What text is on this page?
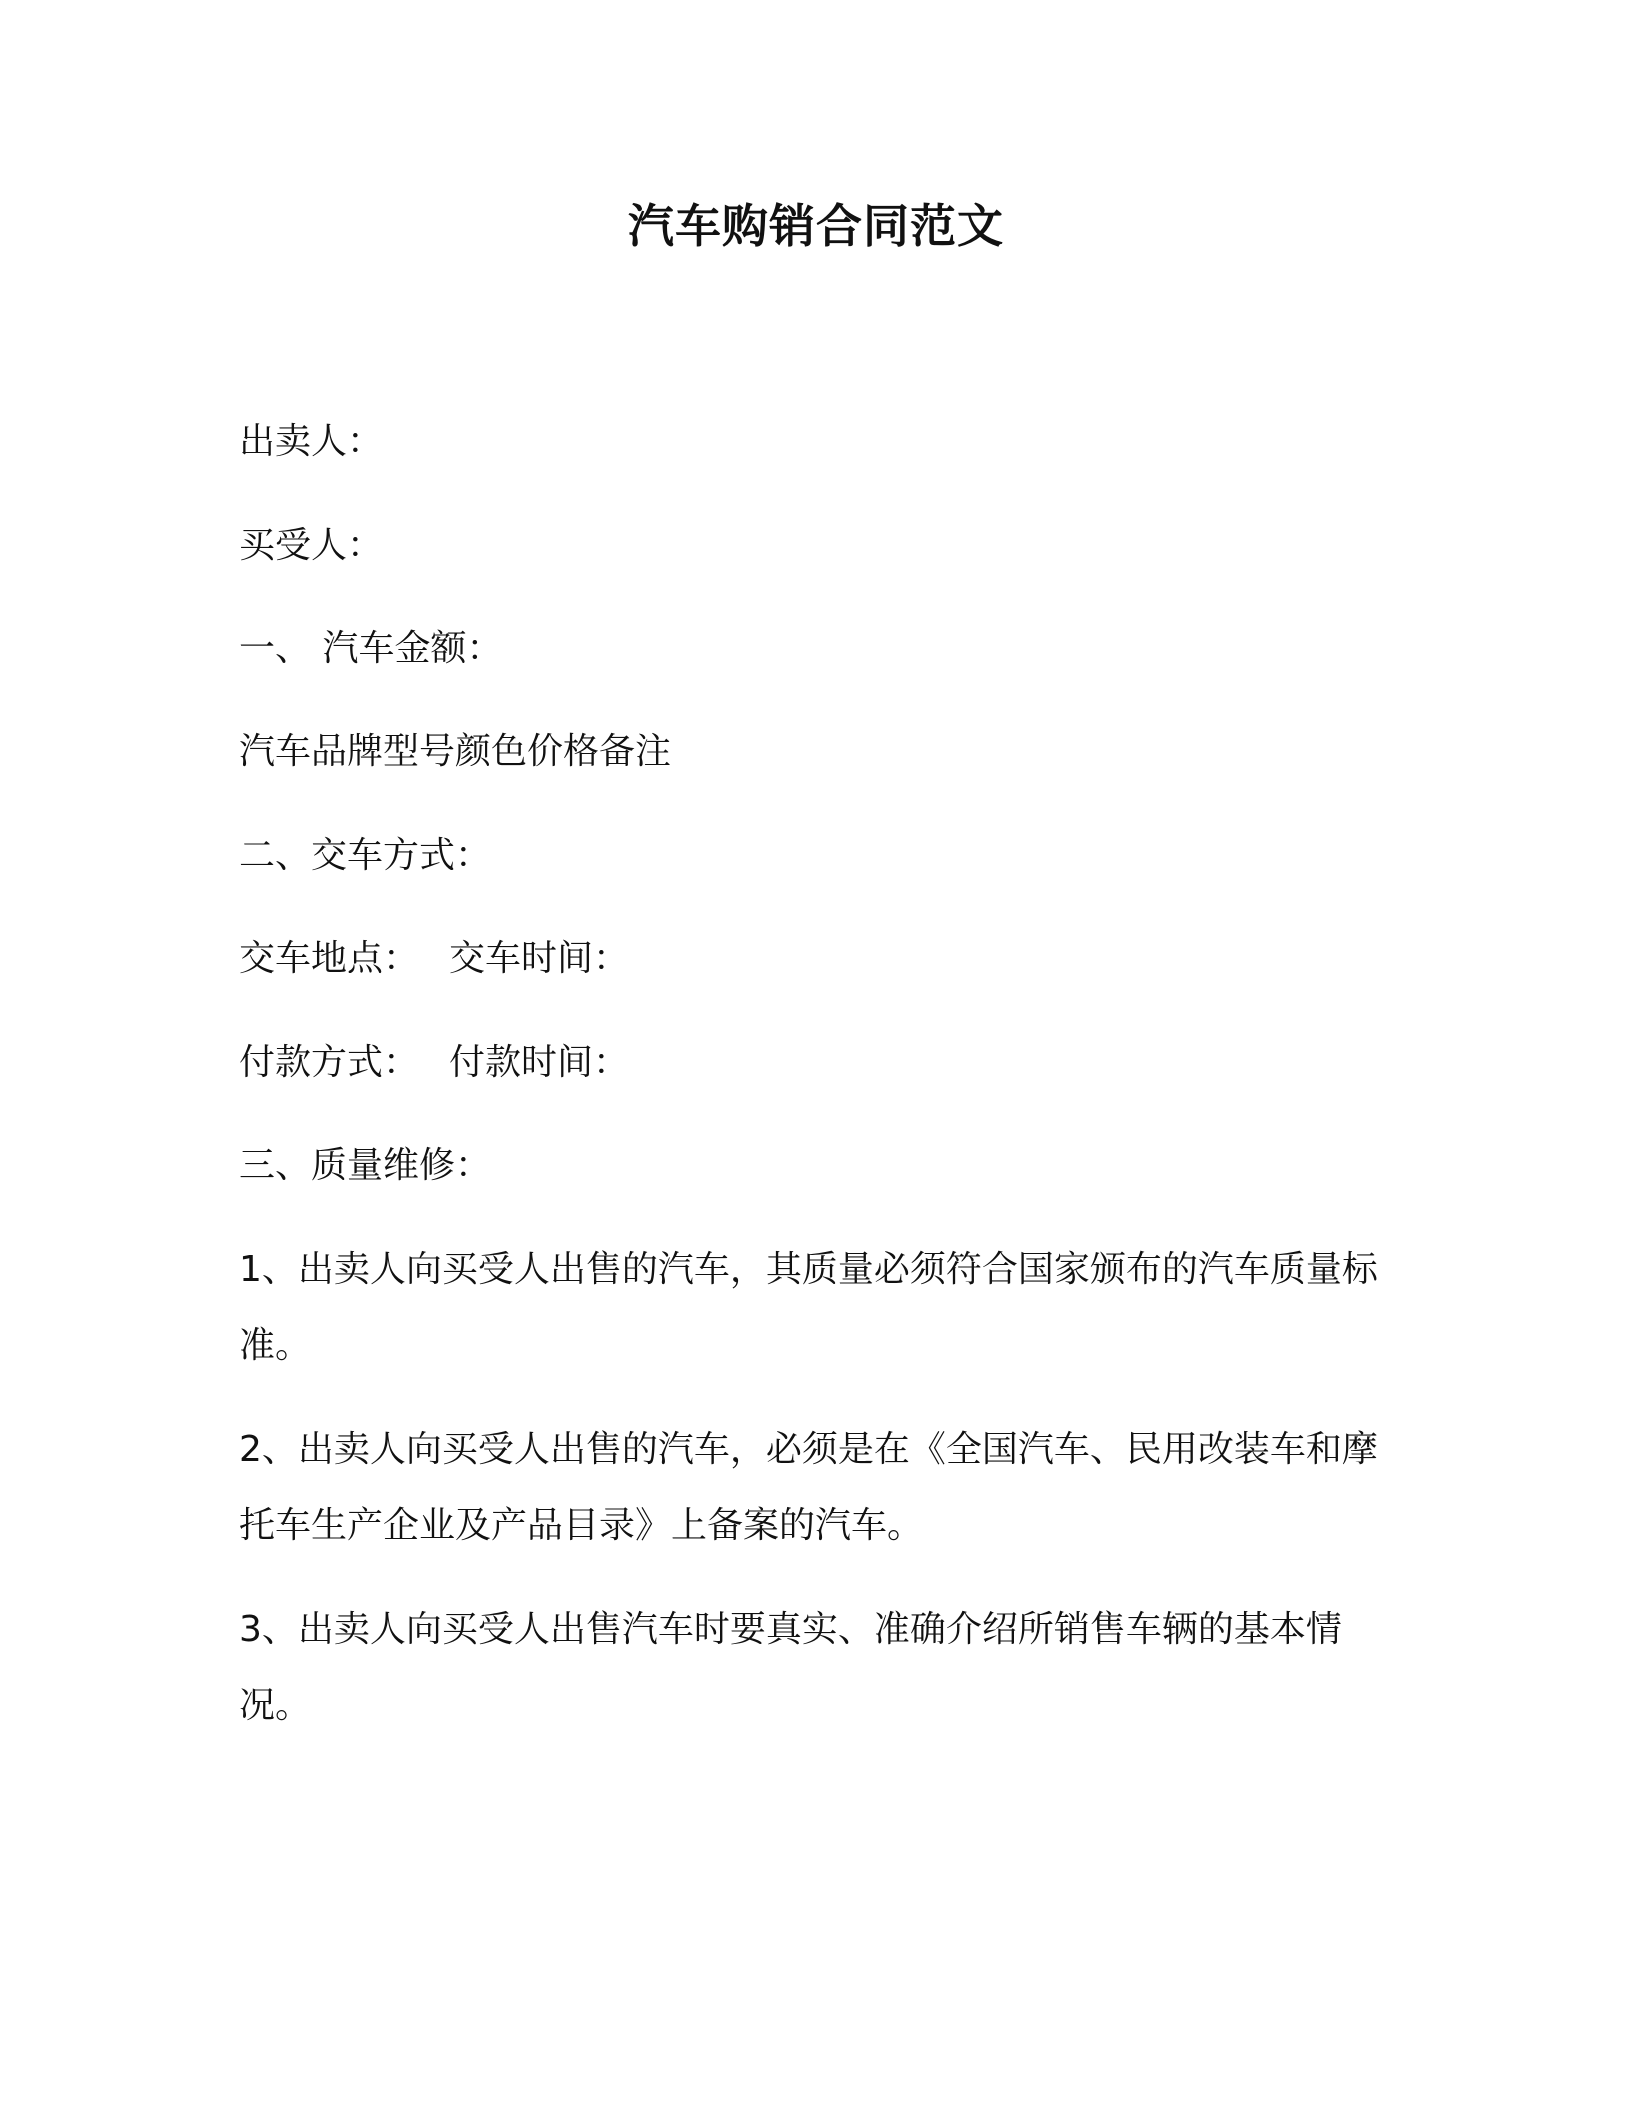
汽车购销合同范文
出卖人：
买受人：
一、 汽车金额：
汽车品牌型号颜色价格备注
二、交车方式：
交车地点： 交车时间：
付款方式： 付款时间：
三、质量维修：
1、出卖人向买受人出售的汽车，其质量必须符合国家颁布的汽车质量标准。
2、出卖人向买受人出售的汽车，必须是在《全国汽车、民用改装车和摩托车生产企业及产品目录》上备案的汽车。
3、出卖人向买受人出售汽车时要真实、准确介绍所销售车辆的基本情况。
